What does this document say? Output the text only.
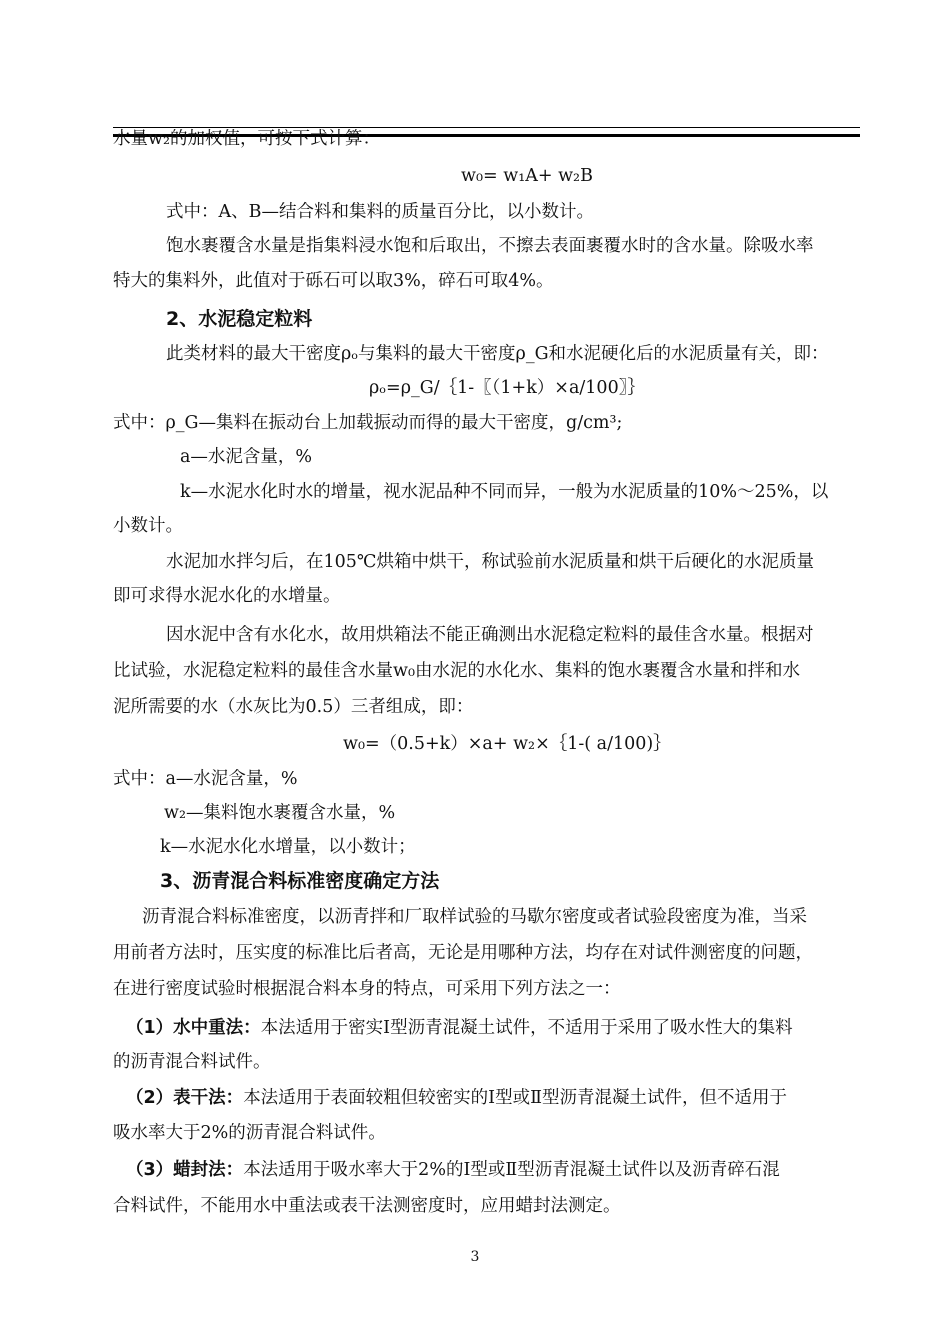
水量w₂的加权值，可按下式计算：
w₀= w₁A+ w₂B
式中：A、B—结合料和集料的质量百分比，以小数计。
饱水裹覆含水量是指集料浸水饱和后取出，不擦去表面裹覆水时的含水量。除吸水率
特大的集料外，此值对于砾石可以取3%，碎石可取4%。
2、水泥稳定粒料
此类材料的最大干密度ρₒ与集料的最大干密度ρ_G和水泥硬化后的水泥质量有关，即：
ρₒ=ρ_G/｛1-〖（1+k）×a/100〗｝
式中：ρ_G—集料在振动台上加载振动而得的最大干密度，g/cm³;
a—水泥含量，%
k—水泥水化时水的增量，视水泥品种不同而异，一般为水泥质量的10%～25%，以
小数计。
水泥加水拌匀后，在105℃烘箱中烘干，称试验前水泥质量和烘干后硬化的水泥质量
即可求得水泥水化的水增量。
因水泥中含有水化水，故用烘箱法不能正确测出水泥稳定粒料的最佳含水量。根据对
比试验，水泥稳定粒料的最佳含水量w₀由水泥的水化水、集料的饱水裹覆含水量和拌和水
泥所需要的水（水灰比为0.5）三者组成，即：
w₀=（0.5+k）×a+ w₂×｛1-( a/100)｝
式中：a—水泥含量，%
w₂—集料饱水裹覆含水量，%
k—水泥水化水增量，以小数计；
3、沥青混合料标准密度确定方法
沥青混合料标准密度，以沥青拌和厂取样试验的马歇尔密度或者试验段密度为准，当采
用前者方法时，压实度的标准比后者高，无论是用哪种方法，均存在对试件测密度的问题，
在进行密度试验时根据混合料本身的特点，可采用下列方法之一：
（1）水中重法：本法适用于密实Ⅰ型沥青混凝土试件，不适用于采用了吸水性大的集料
的沥青混合料试件。
（2）表干法：本法适用于表面较粗但较密实的Ⅰ型或Ⅱ型沥青混凝土试件，但不适用于
吸水率大于2%的沥青混合料试件。
（3）蜡封法：本法适用于吸水率大于2%的Ⅰ型或Ⅱ型沥青混凝土试件以及沥青碎石混
合料试件，不能用水中重法或表干法测密度时，应用蜡封法测定。
3
